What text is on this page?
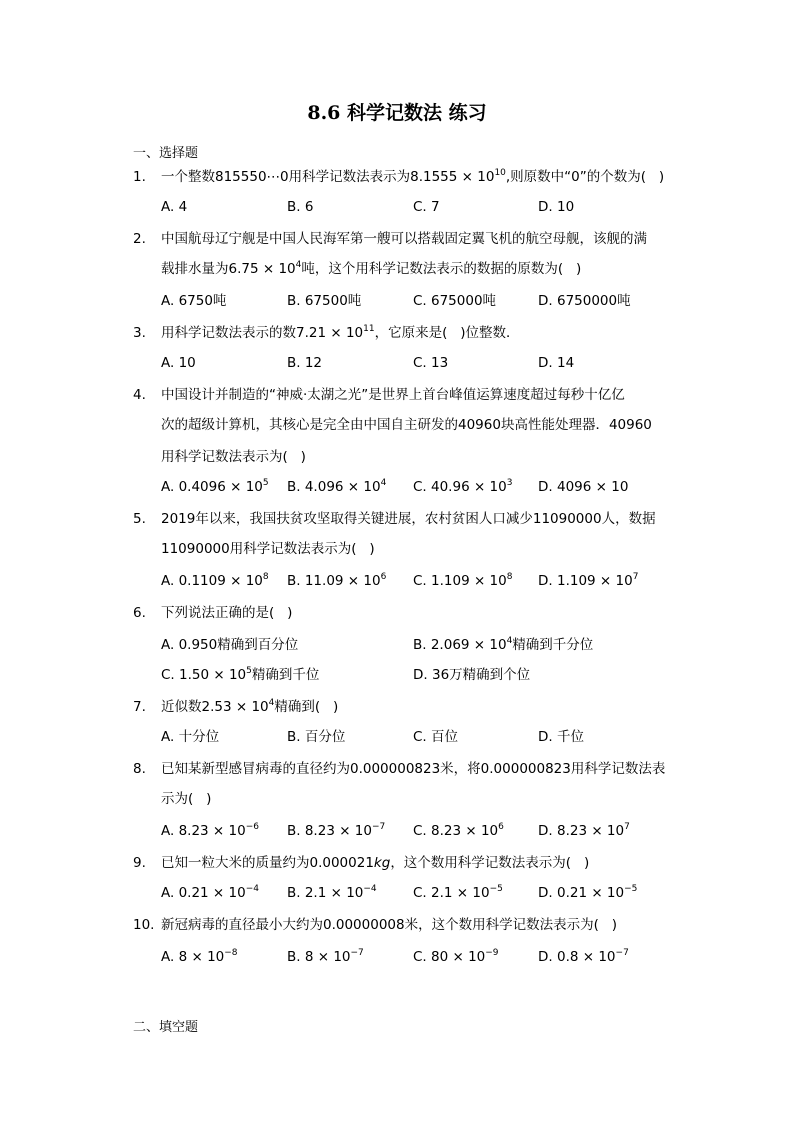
8.6 科学记数法 练习
一、选择题
1. 一个整数815550⋯0用科学记数法表示为$8.1555 \times 10^{10}$,则原数中“0”的个数为(   )
A. 4	B. 6	C. 7	D. 10
2. 中国航母辽宁舰是中国人民海军第一艘可以搭载固定翼飞机的航空母舰，该舰的满
载排水量为$6.75 \times 10^4$吨，这个用科学记数法表示的数据的原数为(   )
A. 6750吨	B. 67500吨	C. 675000吨	D. 6750000吨
3. 用科学记数法表示的数$7.21 \times 10^{11}$，它原来是(   )位整数．
A. 10	B. 12	C. 13	D. 14
4. 中国设计并制造的“神威·太湖之光”是世界上首台峰值运算速度超过每秒十亿亿
次的超级计算机，其核心是完全由中国自主研发的40960块高性能处理器．40960
用科学记数法表示为(   )
A. $0.4096 \times 10^5$ B. $4.096 \times 10^4$ C. $40.96 \times 10^3$ D. 4096 × 10
5. 2019年以来，我国扶贫攻坚取得关键进展，农村贫困人口减少11090000人，数据
11090000用科学记数法表示为(   )
A. $0.1109 \times 10^8$ B. $11.09 \times 10^6$ C. $1.109 \times 10^8$ D. $1.109 \times 10^7$
6. 下列说法正确的是(   )
A. 0.950精确到百分位	B. $2.069 \times 10^4$精确到千分位
C. $1.50 \times 10^5$精确到千位	D. 36万精确到个位
7. 近似数$2.53 \times 10^4$精确到(   )
A. 十分位	B. 百分位	C. 百位	D. 千位
8. 已知某新型感冒病毒的直径约为0.000000823米，将0.000000823用科学记数法表
示为(   )
A. $8.23 \times 10^{-6}$ B. $8.23 \times 10^{-7}$ C. $8.23 \times 10^6$	D. $8.23 \times 10^7$
9. 已知一粒大米的质量约为0.000021kg，这个数用科学记数法表示为(   )
A. $0.21 \times 10^{-4}$ B. $2.1 \times 10^{-4}$	C. $2.1 \times 10^{-5}$	D. $0.21 \times 10^{-5}$
10. 新冠病毒的直径最小大约为0.00000008米，这个数用科学记数法表示为(   )
A. $8 \times 10^{-8}$	B. $8 \times 10^{-7}$	C. $80 \times 10^{-9}$	D. $0.8 \times 10^{-7}$
二、填空题
